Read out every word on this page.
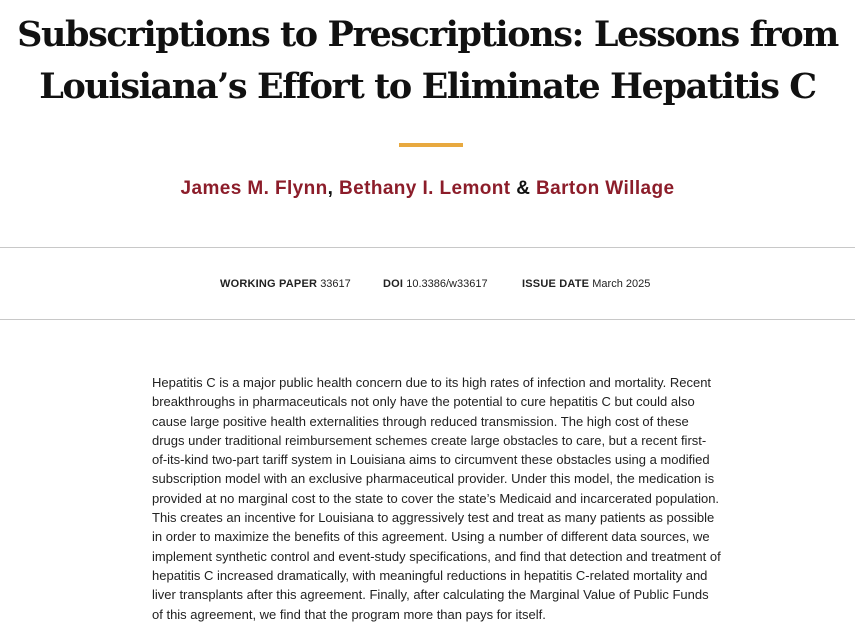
Subscriptions to Prescriptions: Lessons from
Louisiana’s Effort to Eliminate Hepatitis C
James M. Flynn, Bethany I. Lemont & Barton Willage
WORKING PAPER 33617	DOI 10.3386/w33617	ISSUE DATE March 2025
Hepatitis C is a major public health concern due to its high rates of infection and mortality. Recent
breakthroughs in pharmaceuticals not only have the potential to cure hepatitis C but could also
cause large positive health externalities through reduced transmission. The high cost of these
drugs under traditional reimbursement schemes create large obstacles to care, but a recent first-
of-its-kind two-part tariff system in Louisiana aims to circumvent these obstacles using a modified
subscription model with an exclusive pharmaceutical provider. Under this model, the medication is
provided at no marginal cost to the state to cover the state’s Medicaid and incarcerated population.
This creates an incentive for Louisiana to aggressively test and treat as many patients as possible
in order to maximize the benefits of this agreement. Using a number of different data sources, we
implement synthetic control and event-study specifications, and find that detection and treatment of
hepatitis C increased dramatically, with meaningful reductions in hepatitis C-related mortality and
liver transplants after this agreement. Finally, after calculating the Marginal Value of Public Funds
of this agreement, we find that the program more than pays for itself.
